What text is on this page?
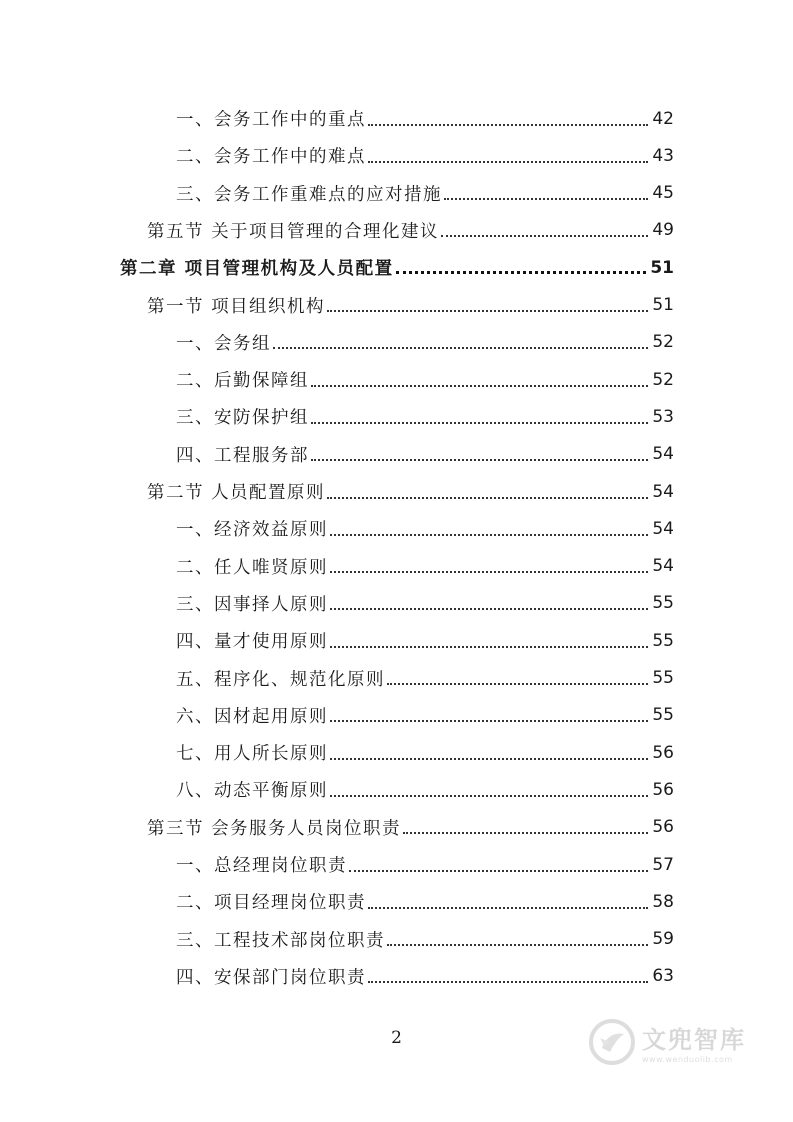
2	文兜智库
www.wenduolib.com
一、会务工作中的重点	42
二、会务工作中的难点	43
三、会务工作重难点的应对措施	45
第五节 关于项目管理的合理化建议	49
第二章 项目管理机构及人员配置	51
第一节 项目组织机构	51
一、会务组	52
二、后勤保障组	52
三、安防保护组	53
四、工程服务部	54
第二节 人员配置原则	54
一、经济效益原则	54
二、任人唯贤原则	54
三、因事择人原则	55
四、量才使用原则	55
五、程序化、规范化原则	55
六、因材起用原则	55
七、用人所长原则	56
八、动态平衡原则	56
第三节 会务服务人员岗位职责	56
一、总经理岗位职责	57
二、项目经理岗位职责	58
三、工程技术部岗位职责	59
四、安保部门岗位职责	63
